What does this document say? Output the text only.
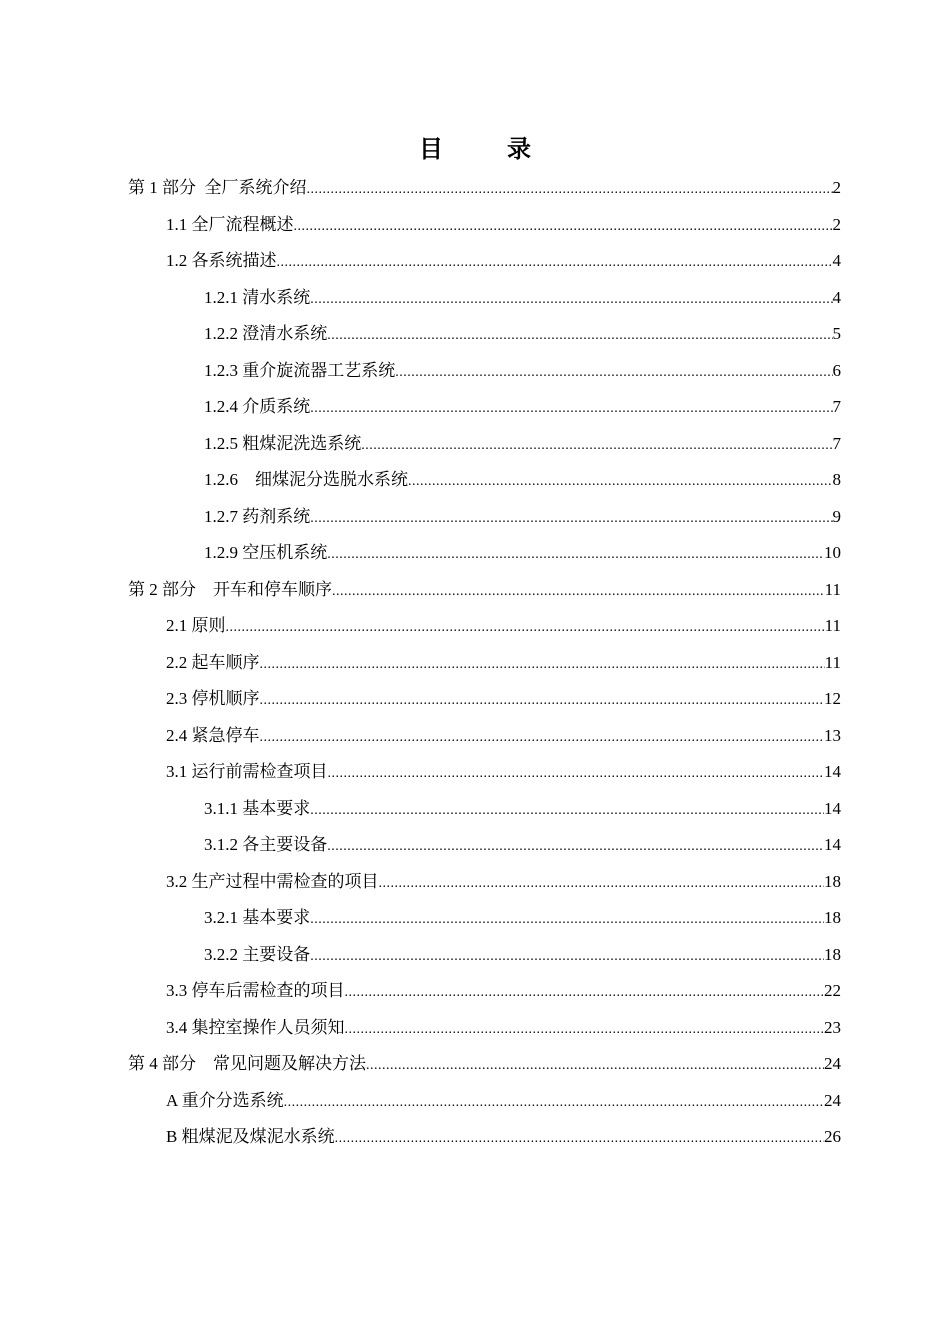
目	录
第 1 部分  全厂系统介绍 .....	2
1.1 全厂流程概述 .....	2
1.2 各系统描述 .....	4
1.2.1 清水系统 .....	4
1.2.2 澄清水系统 .....	5
1.2.3 重介旋流器工艺系统 .....	6
1.2.4 介质系统 .....	7
1.2.5 粗煤泥洗选系统 .....	7
1.2.6    细煤泥分选脱水系统 .....	8
1.2.7 药剂系统 .....	9
1.2.9 空压机系统 .....	10
第 2 部分    开车和停车顺序 .....	11
2.1 原则 .....	11
2.2 起车顺序 .....	11
2.3 停机顺序 .....	12
2.4 紧急停车 .....	13
3.1 运行前需检查项目 .....	14
3.1.1 基本要求 .....	14
3.1.2 各主要设备 .....	14
3.2 生产过程中需检查的项目 .....	18
3.2.1 基本要求 .....	18
3.2.2 主要设备 .....	18
3.3 停车后需检查的项目 .....	22
3.4 集控室操作人员须知 .....	23
第 4 部分    常见问题及解决方法 .....	24
A 重介分选系统 .....	24
B 粗煤泥及煤泥水系统 .....	26
